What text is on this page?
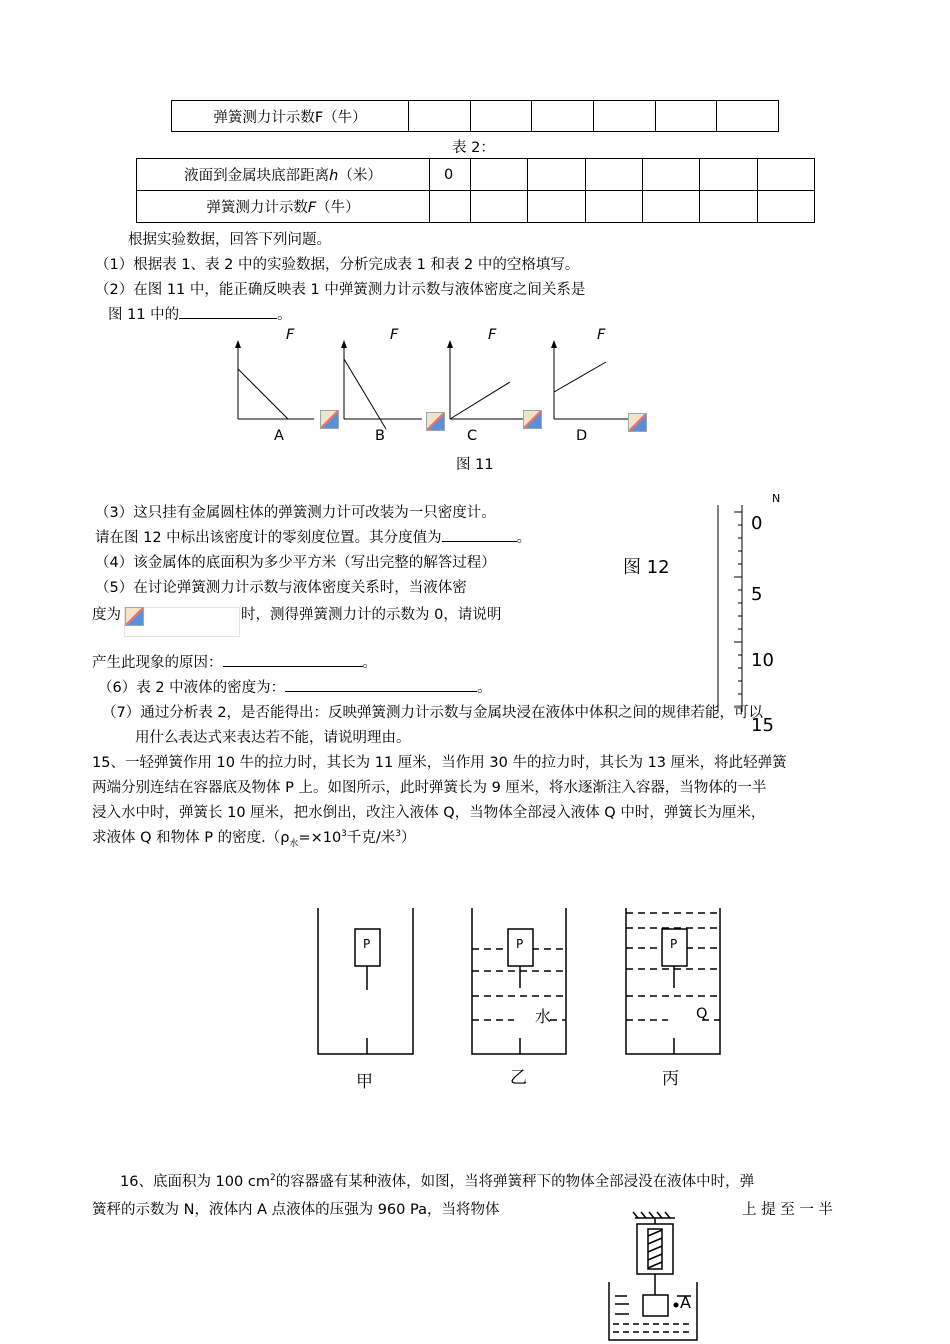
弹簧测力计示数F（牛）						
表 2：
液面到金属块底部距离h（米）	0						
弹簧测力计示数F（牛）							
根据实验数据，回答下列问题。
（1）根据表 1、表 2 中的实验数据，分析完成表 1 和表 2 中的空格填写。
（2）在图 11 中，能正确反映表 1 中弹簧测力计示数与液体密度之间关系是
图 11 中的	。
F	F	F	F
A	B	C	D
图 11
（3）这只挂有金属圆柱体的弹簧测力计可改装为一只密度计。
请在图 12 中标出该密度计的零刻度位置。其分度值为	。
（4）该金属体的底面积为多少平方米（写出完整的解答过程）
（5）在讨论弹簧测力计示数与液体密度关系时，当液体密
度为	时，测得弹簧测力计的示数为 0，请说明
产生此现象的原因：	。
（6）表 2 中液体的密度为：	。
（7）通过分析表 2，是否能得出：反映弹簧测力计示数与金属块浸在液体中体积之间的规律若能，可以
用什么表达式来表达若不能，请说明理由。
N
0
5
10
15
图 12
15、一轻弹簧作用 10 牛的拉力时，其长为 11 厘米，当作用 30 牛的拉力时，其长为 13 厘米，将此轻弹簧
两端分别连结在容器底及物体 P 上。如图所示，此时弹簧长为 9 厘米，将水逐渐注入容器，当物体的一半
浸入水中时，弹簧长 10 厘米，把水倒出，改注入液体 Q，当物体全部浸入液体 Q 中时，弹簧长为厘米，
求液体 Q 和物体 P 的密度$.(\rho_水=\times 10^3$千克/米$^3$）
P	P	P
水	Q
甲	乙	丙
16、底面积为 100 $cm^2$的容器盛有某种液体，如图，当将弹簧秤下的物体全部浸没在液体中时，弹
簧秤的示数为 N，液体内 A 点液体的压强为 960 Pa，当将物体	上 提 至 一 半
A
